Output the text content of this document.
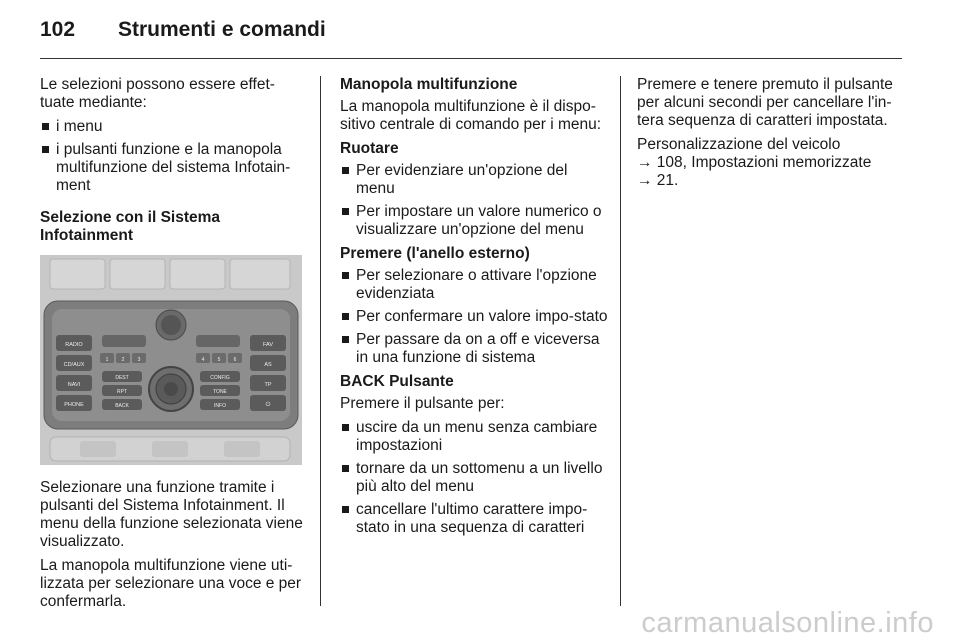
102 Strumenti e comandi

Le selezioni possono essere effet-tuate mediante:

i menu
i pulsanti funzione e la manopola multifunzione del sistema Infotain-ment

Selezione con il Sistema Infotainment

RADIO
CD/AUX
NAVI
PHONE
FAV
AS
TP
⏻
1	2	3	4	5	6
DEST
RPT
BACK
CONFIG
TONE
INFO

Selezionare una funzione tramite i pulsanti del Sistema Infotainment. Il menu della funzione selezionata viene visualizzato.

La manopola multifunzione viene uti-lizzata per selezionare una voce e per confermarla.

Manopola multifunzione

La manopola multifunzione è il dispo-sitivo centrale di comando per i menu:

Ruotare

Per evidenziare un'opzione del menu
Per impostare un valore numerico o visualizzare un'opzione del menu

Premere (l'anello esterno)

Per selezionare o attivare l'opzione evidenziata
Per confermare un valore impo-stato
Per passare da on a off e viceversa in una funzione di sistema

BACK Pulsante

Premere il pulsante per:

uscire da un menu senza cambiare impostazioni
tornare da un sottomenu a un livello più alto del menu
cancellare l'ultimo carattere impo-stato in una sequenza di caratteri

Premere e tenere premuto il pulsante per alcuni secondi per cancellare l'in-tera sequenza di caratteri impostata.

Personalizzazione del veicolo

→ 108, Impostazioni memorizzate

→ 21.

carmanualsonline.info
